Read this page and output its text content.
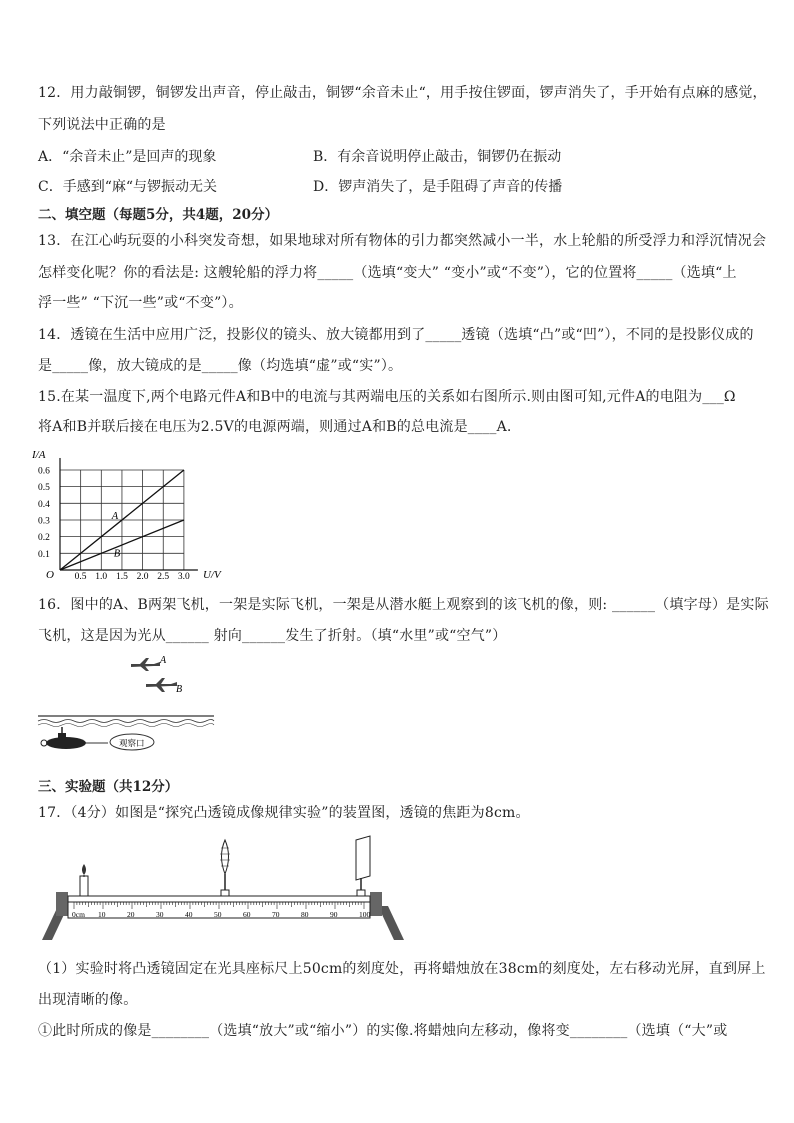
12．用力敲铜锣，铜锣发出声音，停止敲击，铜锣“余音未止“，用手按住锣面，锣声消失了，手开始有点麻的感觉，
下列说法中正确的是
A．“余音未止”是回声的现象	B．有余音说明停止敲击，铜锣仍在振动
C．手感到“麻“与锣振动无关	D．锣声消失了，是手阻碍了声音的传播
二、填空题（每题5分，共4题，20分）
13．在江心屿玩耍的小科突发奇想，如果地球对所有物体的引力都突然减小一半，水上轮船的所受浮力和浮沉情况会
怎样变化呢？你的看法是: 这艘轮船的浮力将_____（选填“变大” “变小”或“不变”），它的位置将_____（选填“上
浮一些” “下沉一些”或“不变”）。
14．透镜在生活中应用广泛，投影仪的镜头、放大镜都用到了_____透镜（选填“凸”或“凹”），不同的是投影仪成的
是_____像，放大镜成的是_____像（均选填“虚”或“实”）。
15.在某一温度下,两个电路元件A和B中的电流与其两端电压的关系如右图所示.则由图可知,元件A的电阻为___Ω
将A和B并联后接在电压为2.5V的电源两端，则通过A和B的总电流是____A.
0.5 1.0 1.5 2.0 2.5 3.0
0.1
0.2
0.3
0.4
0.5
0.6
A
B
I/A
U/V
O
16．图中的A、B两架飞机，一架是实际飞机，一架是从潜水艇上观察到的该飞机的像，则: ______（填字母）是实际
飞机，这是因为光从______ 射向______发生了折射。（填“水里”或“空气”）
A
B
观察口
三、实验题（共12分）
17．（4分）如图是“探究凸透镜成像规律实验”的装置图，透镜的焦距为8cm。
0cm 10	20	30	40	50	60	70	80	90	100
（1）实验时将凸透镜固定在光具座标尺上50cm的刻度处，再将蜡烛放在38cm的刻度处，左右移动光屏，直到屏上
出现清晰的像。
①此时所成的像是________（选填“放大”或“缩小”）的实像.将蜡烛向左移动，像将变________（选填（“大”或
